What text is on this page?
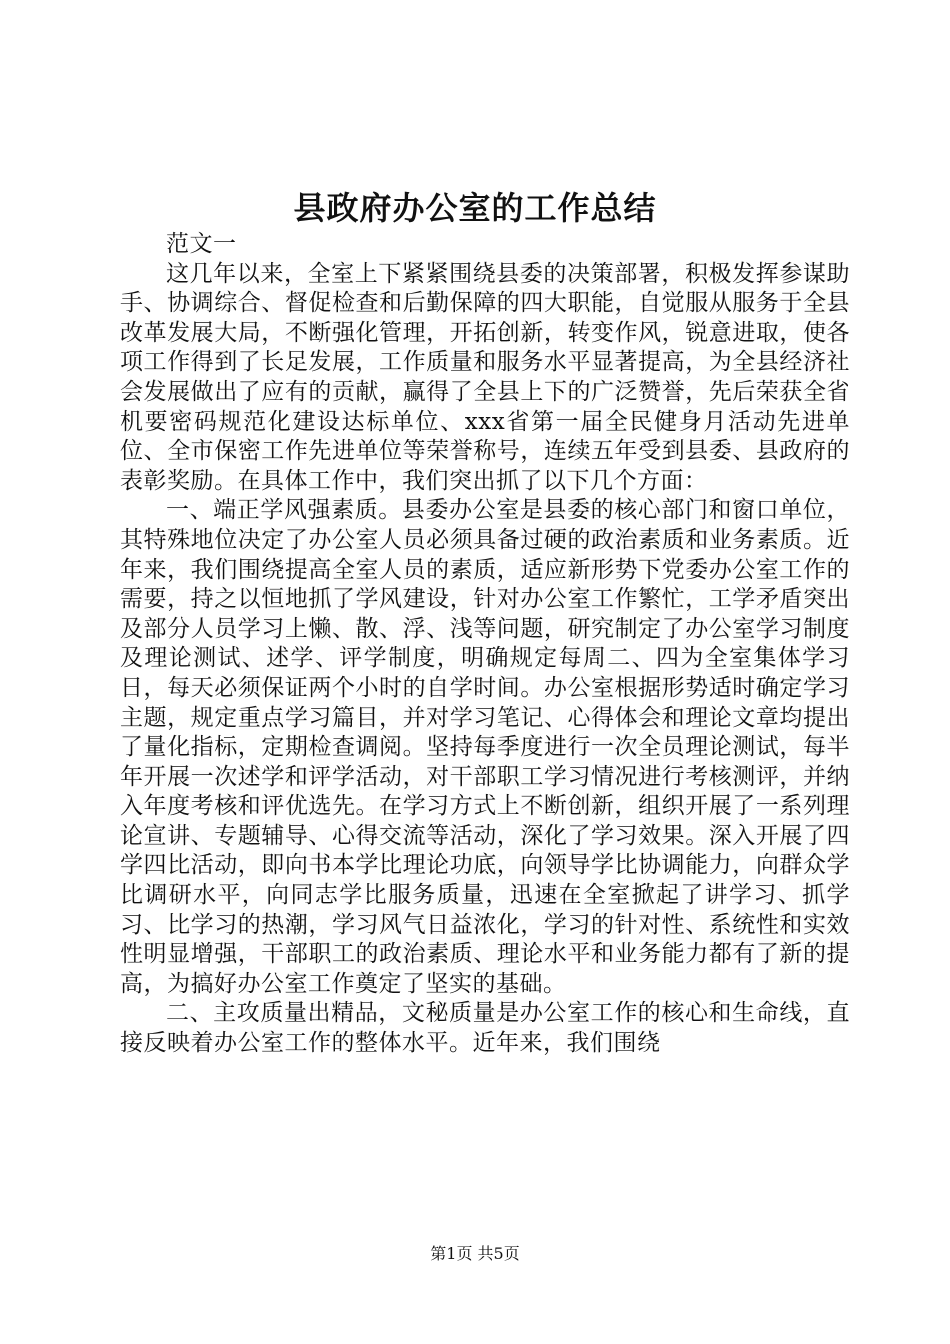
县政府办公室的工作总结

范文一

这几年以来，全室上下紧紧围绕县委的决策部署，积极发挥参谋助手、协调综合、督促检查和后勤保障的四大职能，自觉服从服务于全县改革发展大局，不断强化管理，开拓创新，转变作风，锐意进取，使各项工作得到了长足发展，工作质量和服务水平显著提高，为全县经济社会发展做出了应有的贡献，赢得了全县上下的广泛赞誉，先后荣获全省机要密码规范化建设达标单位、xxx省第一届全民健身月活动先进单位、全市保密工作先进单位等荣誉称号，连续五年受到县委、县政府的表彰奖励。在具体工作中，我们突出抓了以下几个方面：

一、端正学风强素质。县委办公室是县委的核心部门和窗口单位，其特殊地位决定了办公室人员必须具备过硬的政治素质和业务素质。近年来，我们围绕提高全室人员的素质，适应新形势下党委办公室工作的需要，持之以恒地抓了学风建设，针对办公室工作繁忙，工学矛盾突出及部分人员学习上懒、散、浮、浅等问题，研究制定了办公室学习制度及理论测试、述学、评学制度，明确规定每周二、四为全室集体学习日，每天必须保证两个小时的自学时间。办公室根据形势适时确定学习主题，规定重点学习篇目，并对学习笔记、心得体会和理论文章均提出了量化指标，定期检查调阅。坚持每季度进行一次全员理论测试，每半年开展一次述学和评学活动，对干部职工学习情况进行考核测评，并纳入年度考核和评优选先。在学习方式上不断创新，组织开展了一系列理论宣讲、专题辅导、心得交流等活动，深化了学习效果。深入开展了四学四比活动，即向书本学比理论功底，向领导学比协调能力，向群众学比调研水平，向同志学比服务质量，迅速在全室掀起了讲学习、抓学习、比学习的热潮，学习风气日益浓化，学习的针对性、系统性和实效性明显增强，干部职工的政治素质、理论水平和业务能力都有了新的提高，为搞好办公室工作奠定了坚实的基础。

二、主攻质量出精品，文秘质量是办公室工作的核心和生命线，直接反映着办公室工作的整体水平。近年来，我们围绕

第1页 共5页
